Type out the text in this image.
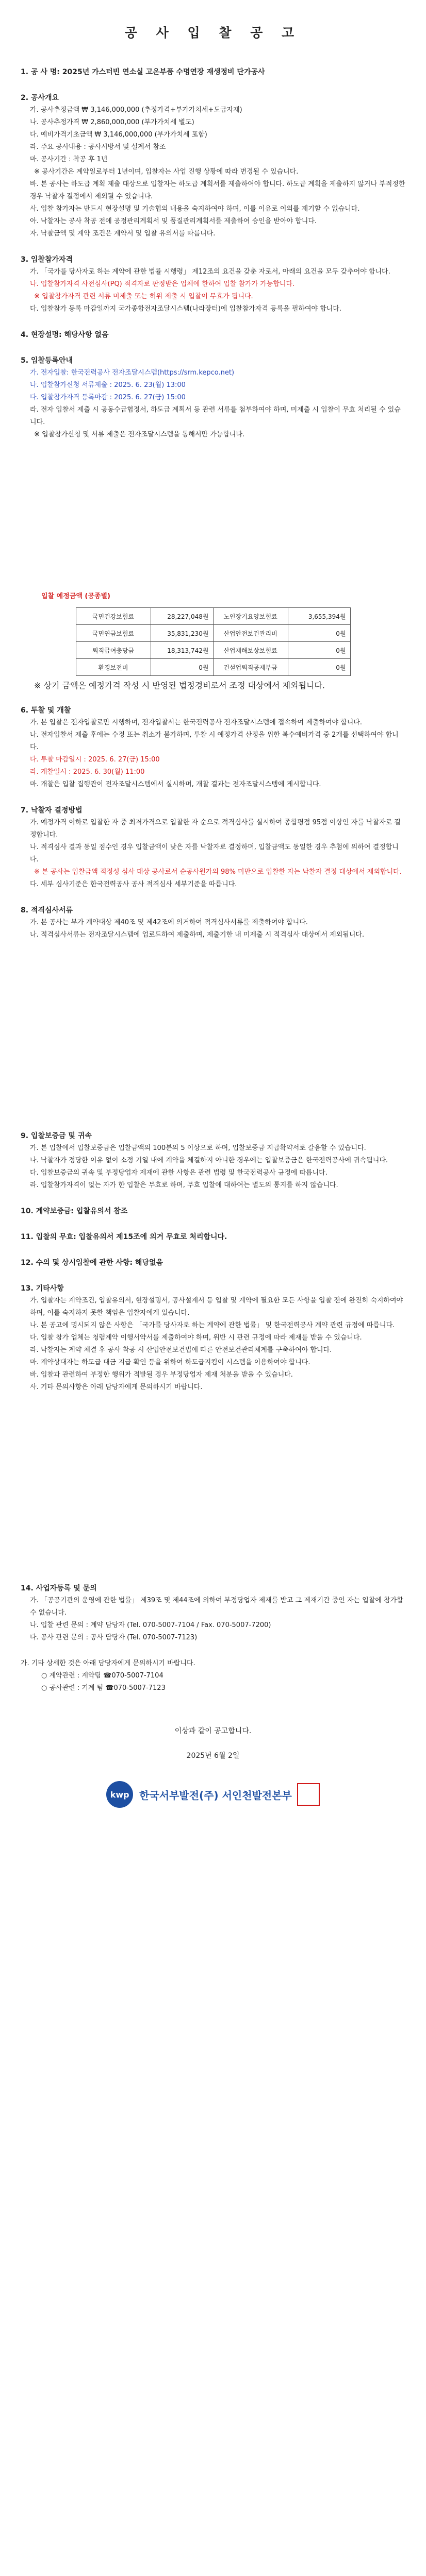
공 사 입 찰 공 고
1. 공 사 명: 2025년 가스터빈 연소실 고온부품 수명연장 재생정비 단가공사
2. 공사개요
가. 공사추정금액 ₩ 3,146,000,000 (추정가격+부가가치세+도급자재)
나. 공사추정가격 ₩ 2,860,000,000 (부가가치세 별도)
다. 예비가격기초금액 ₩ 3,146,000,000 (부가가치세 포함)
라. 주요 공사내용 : 공사시방서 및 설계서 참조
마. 공사기간 : 착공 후 1년
※ 공사기간은 계약일로부터 1년이며, 입찰자는 사업 진행 상황에 따라 변경될 수 있습니다.
바. 본 공사는 하도급 계획 제출 대상으로 입찰자는 하도급 계획서를 제출하여야 합니다. 하도급 계획을 제출하지 않거나 부적정한 경우 낙찰자 결정에서 제외될 수 있습니다.
사. 입찰 참가자는 반드시 현장설명 및 기술협의 내용을 숙지하여야 하며, 이를 이유로 이의를 제기할 수 없습니다.
아. 낙찰자는 공사 착공 전에 공정관리계획서 및 품질관리계획서를 제출하여 승인을 받아야 합니다.
자. 낙찰금액 및 계약 조건은 계약서 및 입찰 유의서를 따릅니다.
3. 입찰참가자격
가. 「국가를 당사자로 하는 계약에 관한 법률 시행령」 제12조의 요건을 갖춘 자로서, 아래의 요건을 모두 갖추어야 합니다.
나. 입찰참가자격 사전심사(PQ) 적격자로 판정받은 업체에 한하여 입찰 참가가 가능합니다.
※ 입찰참가자격 관련 서류 미제출 또는 허위 제출 시 입찰이 무효가 됩니다.
다. 입찰참가 등록 마감일까지 국가종합전자조달시스템(나라장터)에 입찰참가자격 등록을 필하여야 합니다.
4. 현장설명: 해당사항 없음
5. 입찰등록안내
가. 전자입찰: 한국전력공사 전자조달시스템(https://srm.kepco.net)
나. 입찰참가신청 서류제출 : 2025. 6. 23(월) 13:00
다. 입찰참가자격 등록마감 : 2025. 6. 27(금) 15:00
라. 전자 입찰서 제출 시 공동수급협정서, 하도급 계획서 등 관련 서류를 첨부하여야 하며, 미제출 시 입찰이 무효 처리될 수 있습니다.
※ 입찰참가신청 및 서류 제출은 전자조달시스템을 통해서만 가능합니다.
입찰 예정금액 (공종별)
국민건강보험료	28,227,048원	노인장기요양보험료	3,655,394원
국민연금보험료	35,831,230원	산업안전보건관리비	0원
퇴직급여충당금	18,313,742원	산업재해보상보험료	0원
환경보전비	0원	건설업퇴직공제부금	0원
※ 상기 금액은 예정가격 작성 시 반영된 법정경비로서 조정 대상에서 제외됩니다.
6. 투찰 및 개찰
가. 본 입찰은 전자입찰로만 시행하며, 전자입찰서는 한국전력공사 전자조달시스템에 접속하여 제출하여야 합니다.
나. 전자입찰서 제출 후에는 수정 또는 취소가 불가하며, 투찰 시 예정가격 산정을 위한 복수예비가격 중 2개를 선택하여야 합니다.
다. 투찰 마감일시 : 2025. 6. 27(금) 15:00
라. 개찰일시 : 2025. 6. 30(월) 11:00
마. 개찰은 입찰 집행관이 전자조달시스템에서 실시하며, 개찰 결과는 전자조달시스템에 게시합니다.
7. 낙찰자 결정방법
가. 예정가격 이하로 입찰한 자 중 최저가격으로 입찰한 자 순으로 적격심사를 실시하여 종합평점 95점 이상인 자를 낙찰자로 결정합니다.
나. 적격심사 결과 동일 점수인 경우 입찰금액이 낮은 자를 낙찰자로 결정하며, 입찰금액도 동일한 경우 추첨에 의하여 결정합니다.
※ 본 공사는 입찰금액 적정성 심사 대상 공사로서 순공사원가의 98% 미만으로 입찰한 자는 낙찰자 결정 대상에서 제외합니다.
다. 세부 심사기준은 한국전력공사 공사 적격심사 세부기준을 따릅니다.
8. 적격심사서류
가. 본 공사는 부가 계약대상 제40조 및 제42조에 의거하여 적격심사서류를 제출하여야 합니다.
나. 적격심사서류는 전자조달시스템에 업로드하여 제출하며, 제출기한 내 미제출 시 적격심사 대상에서 제외됩니다.
9. 입찰보증금 및 귀속
가. 본 입찰에서 입찰보증금은 입찰금액의 100분의 5 이상으로 하며, 입찰보증금 지급확약서로 갈음할 수 있습니다.
나. 낙찰자가 정당한 이유 없이 소정 기일 내에 계약을 체결하지 아니한 경우에는 입찰보증금은 한국전력공사에 귀속됩니다.
다. 입찰보증금의 귀속 및 부정당업자 제재에 관한 사항은 관련 법령 및 한국전력공사 규정에 따릅니다.
라. 입찰참가자격이 없는 자가 한 입찰은 무효로 하며, 무효 입찰에 대하여는 별도의 통지를 하지 않습니다.
10. 계약보증금: 입찰유의서 참조
11. 입찰의 무효: 입찰유의서 제15조에 의거 무효로 처리합니다.
12. 수의 및 상시입찰에 관한 사항: 해당없음
13. 기타사항
가. 입찰자는 계약조건, 입찰유의서, 현장설명서, 공사설계서 등 입찰 및 계약에 필요한 모든 사항을 입찰 전에 완전히 숙지하여야 하며, 이를 숙지하지 못한 책임은 입찰자에게 있습니다.
나. 본 공고에 명시되지 않은 사항은 「국가를 당사자로 하는 계약에 관한 법률」 및 한국전력공사 계약 관련 규정에 따릅니다.
다. 입찰 참가 업체는 청렴계약 이행서약서를 제출하여야 하며, 위반 시 관련 규정에 따라 제재를 받을 수 있습니다.
라. 낙찰자는 계약 체결 후 공사 착공 시 산업안전보건법에 따른 안전보건관리체계를 구축하여야 합니다.
마. 계약상대자는 하도급 대금 지급 확인 등을 위하여 하도급지킴이 시스템을 이용하여야 합니다.
바. 입찰과 관련하여 부정한 행위가 적발될 경우 부정당업자 제재 처분을 받을 수 있습니다.
사. 기타 문의사항은 아래 담당자에게 문의하시기 바랍니다.
14. 사업자등록 및 문의
가. 「공공기관의 운영에 관한 법률」 제39조 및 제44조에 의하여 부정당업자 제재를 받고 그 제재기간 중인 자는 입찰에 참가할 수 없습니다.
나. 입찰 관련 문의 : 계약 담당자 (Tel. 070-5007-7104 / Fax. 070-5007-7200)
다. 공사 관련 문의 : 공사 담당자 (Tel. 070-5007-7123)
가. 기타 상세한 것은 아래 담당자에게 문의하시기 바랍니다.
○ 계약관련 : 계약팀 ☎070-5007-7104
○ 공사관련 : 기계 팀 ☎070-5007-7123
이상과 같이 공고합니다.
2025년 6월 2일
kwp 한국서부발전(주) 서인천발전본부
